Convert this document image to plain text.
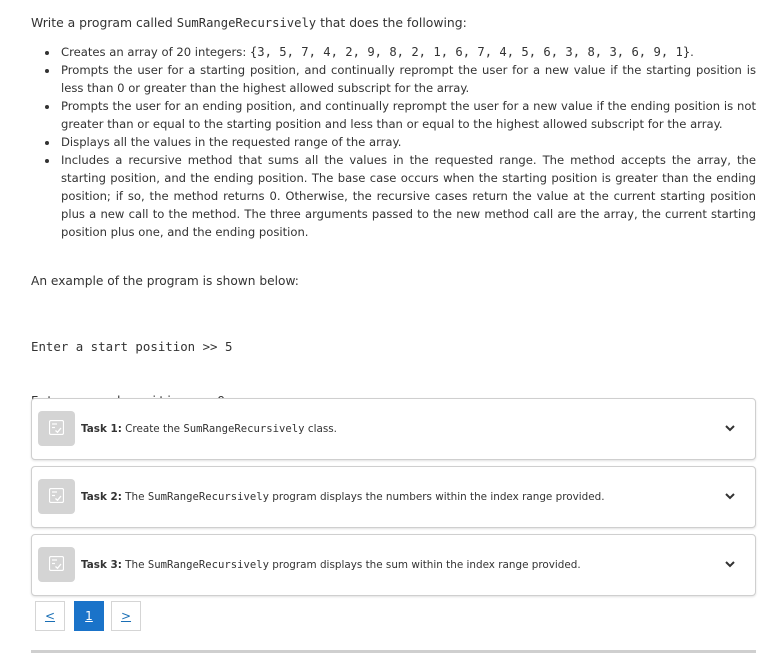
Write a program called SumRangeRecursively that does the following:
Creates an array of 20 integers: {3, 5, 7, 4, 2, 9, 8, 2, 1, 6, 7, 4, 5, 6, 3, 8, 3, 6, 9, 1}.
Prompts the user for a starting position, and continually reprompt the user for a new value if the starting position is less than 0 or greater than the highest allowed subscript for the array.
Prompts the user for an ending position, and continually reprompt the user for a new value if the ending position is not greater than or equal to the starting position and less than or equal to the highest allowed subscript for the array.
Displays all the values in the requested range of the array.
Includes a recursive method that sums all the values in the requested range. The method accepts the array, the starting position, and the ending position. The base case occurs when the starting position is greater than the ending position; if so, the method returns 0. Otherwise, the recursive cases return the value at the current starting position plus a new call to the method. The three arguments passed to the new method call are the array, the current starting position plus one, and the ending position.
An example of the program is shown below:

Enter a start position >> 5

Task 1: Create the SumRangeRecursively class.
Task 2: The SumRangeRecursively program displays the numbers within the index range provided.
Task 3: The SumRangeRecursively program displays the sum within the index range provided.
<	1	>
